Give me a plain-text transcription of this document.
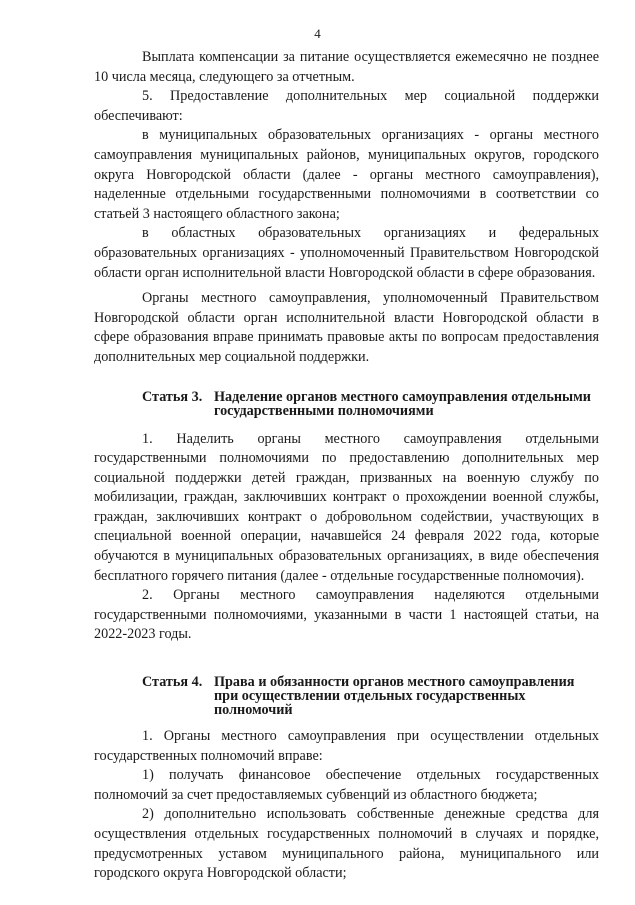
4

Выплата компенсации за питание осуществляется ежемесячно не позднее 10 числа месяца, следующего за отчетным.

5. Предоставление дополнительных мер социальной поддержки обеспечивают:

в муниципальных образовательных организациях - органы местного самоуправления муниципальных районов, муниципальных округов, городского округа Новгородской области (далее - органы местного самоуправления), наделенные отдельными государственными полномочиями в соответствии со статьей 3 настоящего областного закона;

в областных образовательных организациях и федеральных образовательных организациях - уполномоченный Правительством Новгородской области орган исполнительной власти Новгородской области в сфере образования.

Органы местного самоуправления, уполномоченный Правительством Новгородской области орган исполнительной власти Новгородской области в сфере образования вправе принимать правовые акты по вопросам предоставления дополнительных мер социальной поддержки.

Статья 3. Наделение органов местного самоуправления отдельными государственными полномочиями

1. Наделить органы местного самоуправления отдельными государственными полномочиями по предоставлению дополнительных мер социальной поддержки детей граждан, призванных на военную службу по мобилизации, граждан, заключивших контракт о прохождении военной службы, граждан, заключивших контракт о добровольном содействии, участвующих в специальной военной операции, начавшейся 24 февраля 2022 года, которые обучаются в муниципальных образовательных организациях, в виде обеспечения бесплатного горячего питания (далее - отдельные государственные полномочия).

2. Органы местного самоуправления наделяются отдельными государственными полномочиями, указанными в части 1 настоящей статьи, на 2022-2023 годы.

Статья 4. Права и обязанности органов местного самоуправления при осуществлении отдельных государственных полномочий

1. Органы местного самоуправления при осуществлении отдельных государственных полномочий вправе:

1) получать финансовое обеспечение отдельных государственных полномочий за счет предоставляемых субвенций из областного бюджета;

2) дополнительно использовать собственные денежные средства для осуществления отдельных государственных полномочий в случаях и порядке, предусмотренных уставом муниципального района, муниципального или городского округа Новгородской области;
